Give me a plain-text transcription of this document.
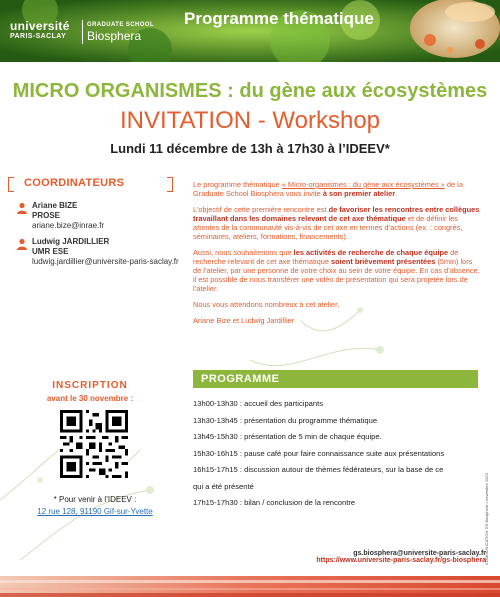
université
PARIS-SACLAY
GRADUATE SCHOOL
Biosphera
Programme thématique
MICRO ORGANISMES : du gène aux écosystèmes
INVITATION - Workshop
Lundi 11 décembre de 13h à 17h30 à l’IDEEV*
COORDINATEURS
Ariane BIZE
PROSE
ariane.bize@inrae.fr
Ludwig JARDILLIER
UMR ESE
ludwig.jardillier@universite-paris-saclay.fr
INSCRIPTION
avant le 30 novembre :
* Pour venir à l’IDEEV :
12 rue 128, 91190 Gif-sur-Yvette

Le programme thématique « Micro-organismes : du gène aux écosystèmes » de la Graduate School Biosphera vous invite à son premier atelier.

L’objectif de cette première rencontre est de favoriser les rencontres entre collègues travaillant dans les domaines relevant de cet axe thématique et de définir les attentes de la communauté vis-à-vis de cet axe en termes d’actions (ex. : congrès, séminaires, ateliers, formations, financements).

Aussi, nous souhaiterions que les activités de recherche de chaque équipe de recherche relevant de cet axe thématique soient brièvement présentées (5min) lors de l’atelier, par une personne de votre choix au sein de votre équipe. En cas d’absence, il est possible de nous transférer une vidéo de présentation qui sera projetée lors de l’atelier.

Nous vous attendons nombreux à cet atelier,

Ariane Bize et Ludwig Jardillier

PROGRAMME
13h00-13h30 : accueil des participants
13h30-13h45 : présentation du programme thématique
13h45-15h30 : présentation de 5 min de chaque équipe.
15h30-16h15 : pause café pour faire connaissance suite aux présentations
16h15-17h15 : discussion autour de thèmes fédérateurs, sur la base de ce
qui a été présenté
17h15-17h30 : bilan / conclusion de la rencontre	COMMUNICATION GS Biosphera • novembre 2023
gs.biosphera@universite-paris-saclay.fr
https://www.universite-paris-saclay.fr/gs-biosphera
